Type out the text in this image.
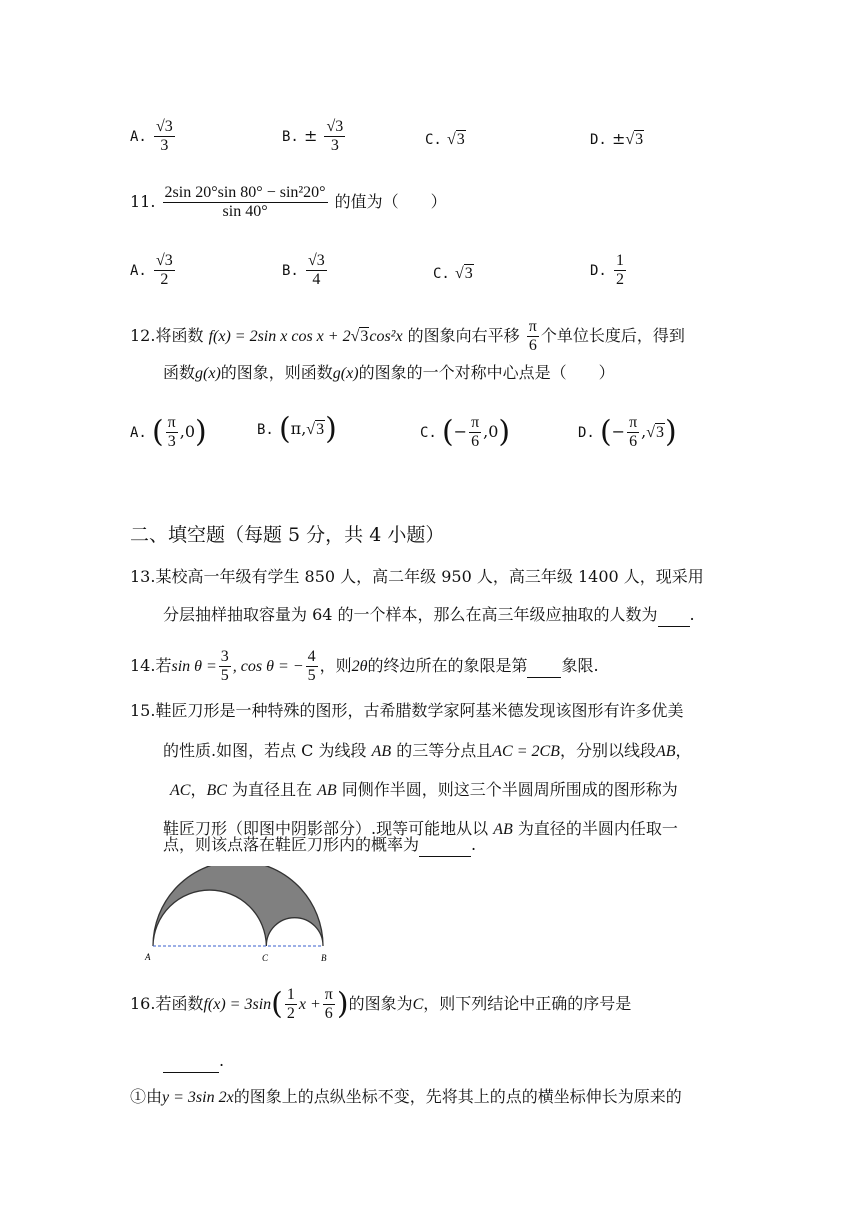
A. $\frac{√3}{3}$	B. ± $\frac{√3}{3}$	C. √3	D. ±√3
11. $\frac{\text{2sin 20°sin 80° − sin²20°}}{\sin 40^\circ}$ 的值为（　　）
A. $\frac{√3}{2}$	B. $\frac{√3}{4}$	C. √3	D. $\frac{1}{2}$
12.将函数 f(x) = 2sin x cos x + 2√3cos²x 的图象向右平移 $\frac{\pi}{6}$ 个单位长度后，得到
函数g(x)的图象，则函数g(x)的图象的一个对称中心点是（　　）
A. ( $\frac{\pi}{3} ,0$)	B. (π,√3)	C. (− $\frac{\pi}{6} ,0$)	D. (− $\frac{\pi}{6} ,√3$)
二、填空题（每题 5 分，共 4 小题）
13.某校高一年级有学生 850 人，高二年级 950 人，高三年级 1400 人，现采用
分层抽样抽取容量为 64 的一个样本，那么在高三年级应抽取的人数为 .
14.若$\sin \theta = \frac{3}{5}$ , cos θ = − $\frac{4}{5}$ ，则2θ的终边所在的象限是第 象限.
15.鞋匠刀形是一种特殊的图形，古希腊数学家阿基米德发现该图形有许多优美
的性质.如图，若点 C 为线段 AB 的三等分点且AC = 2CB，分别以线段AB，
AC，BC 为直径且在 AB 同侧作半圆，则这三个半圆周所围成的图形称为
鞋匠刀形（即图中阴影部分）.现等可能地从以 AB 为直径的半圆内任取一
点，则该点落在鞋匠刀形内的概率为	.
A	C	B
16.若函数$f(x) = 3\sin( \frac{1}{2}$ $x + \frac{\pi}{6}$ )的图象为C，则下列结论中正确的序号是
.
①由y = 3sin 2x的图象上的点纵坐标不变，先将其上的点的横坐标伸长为原来的
